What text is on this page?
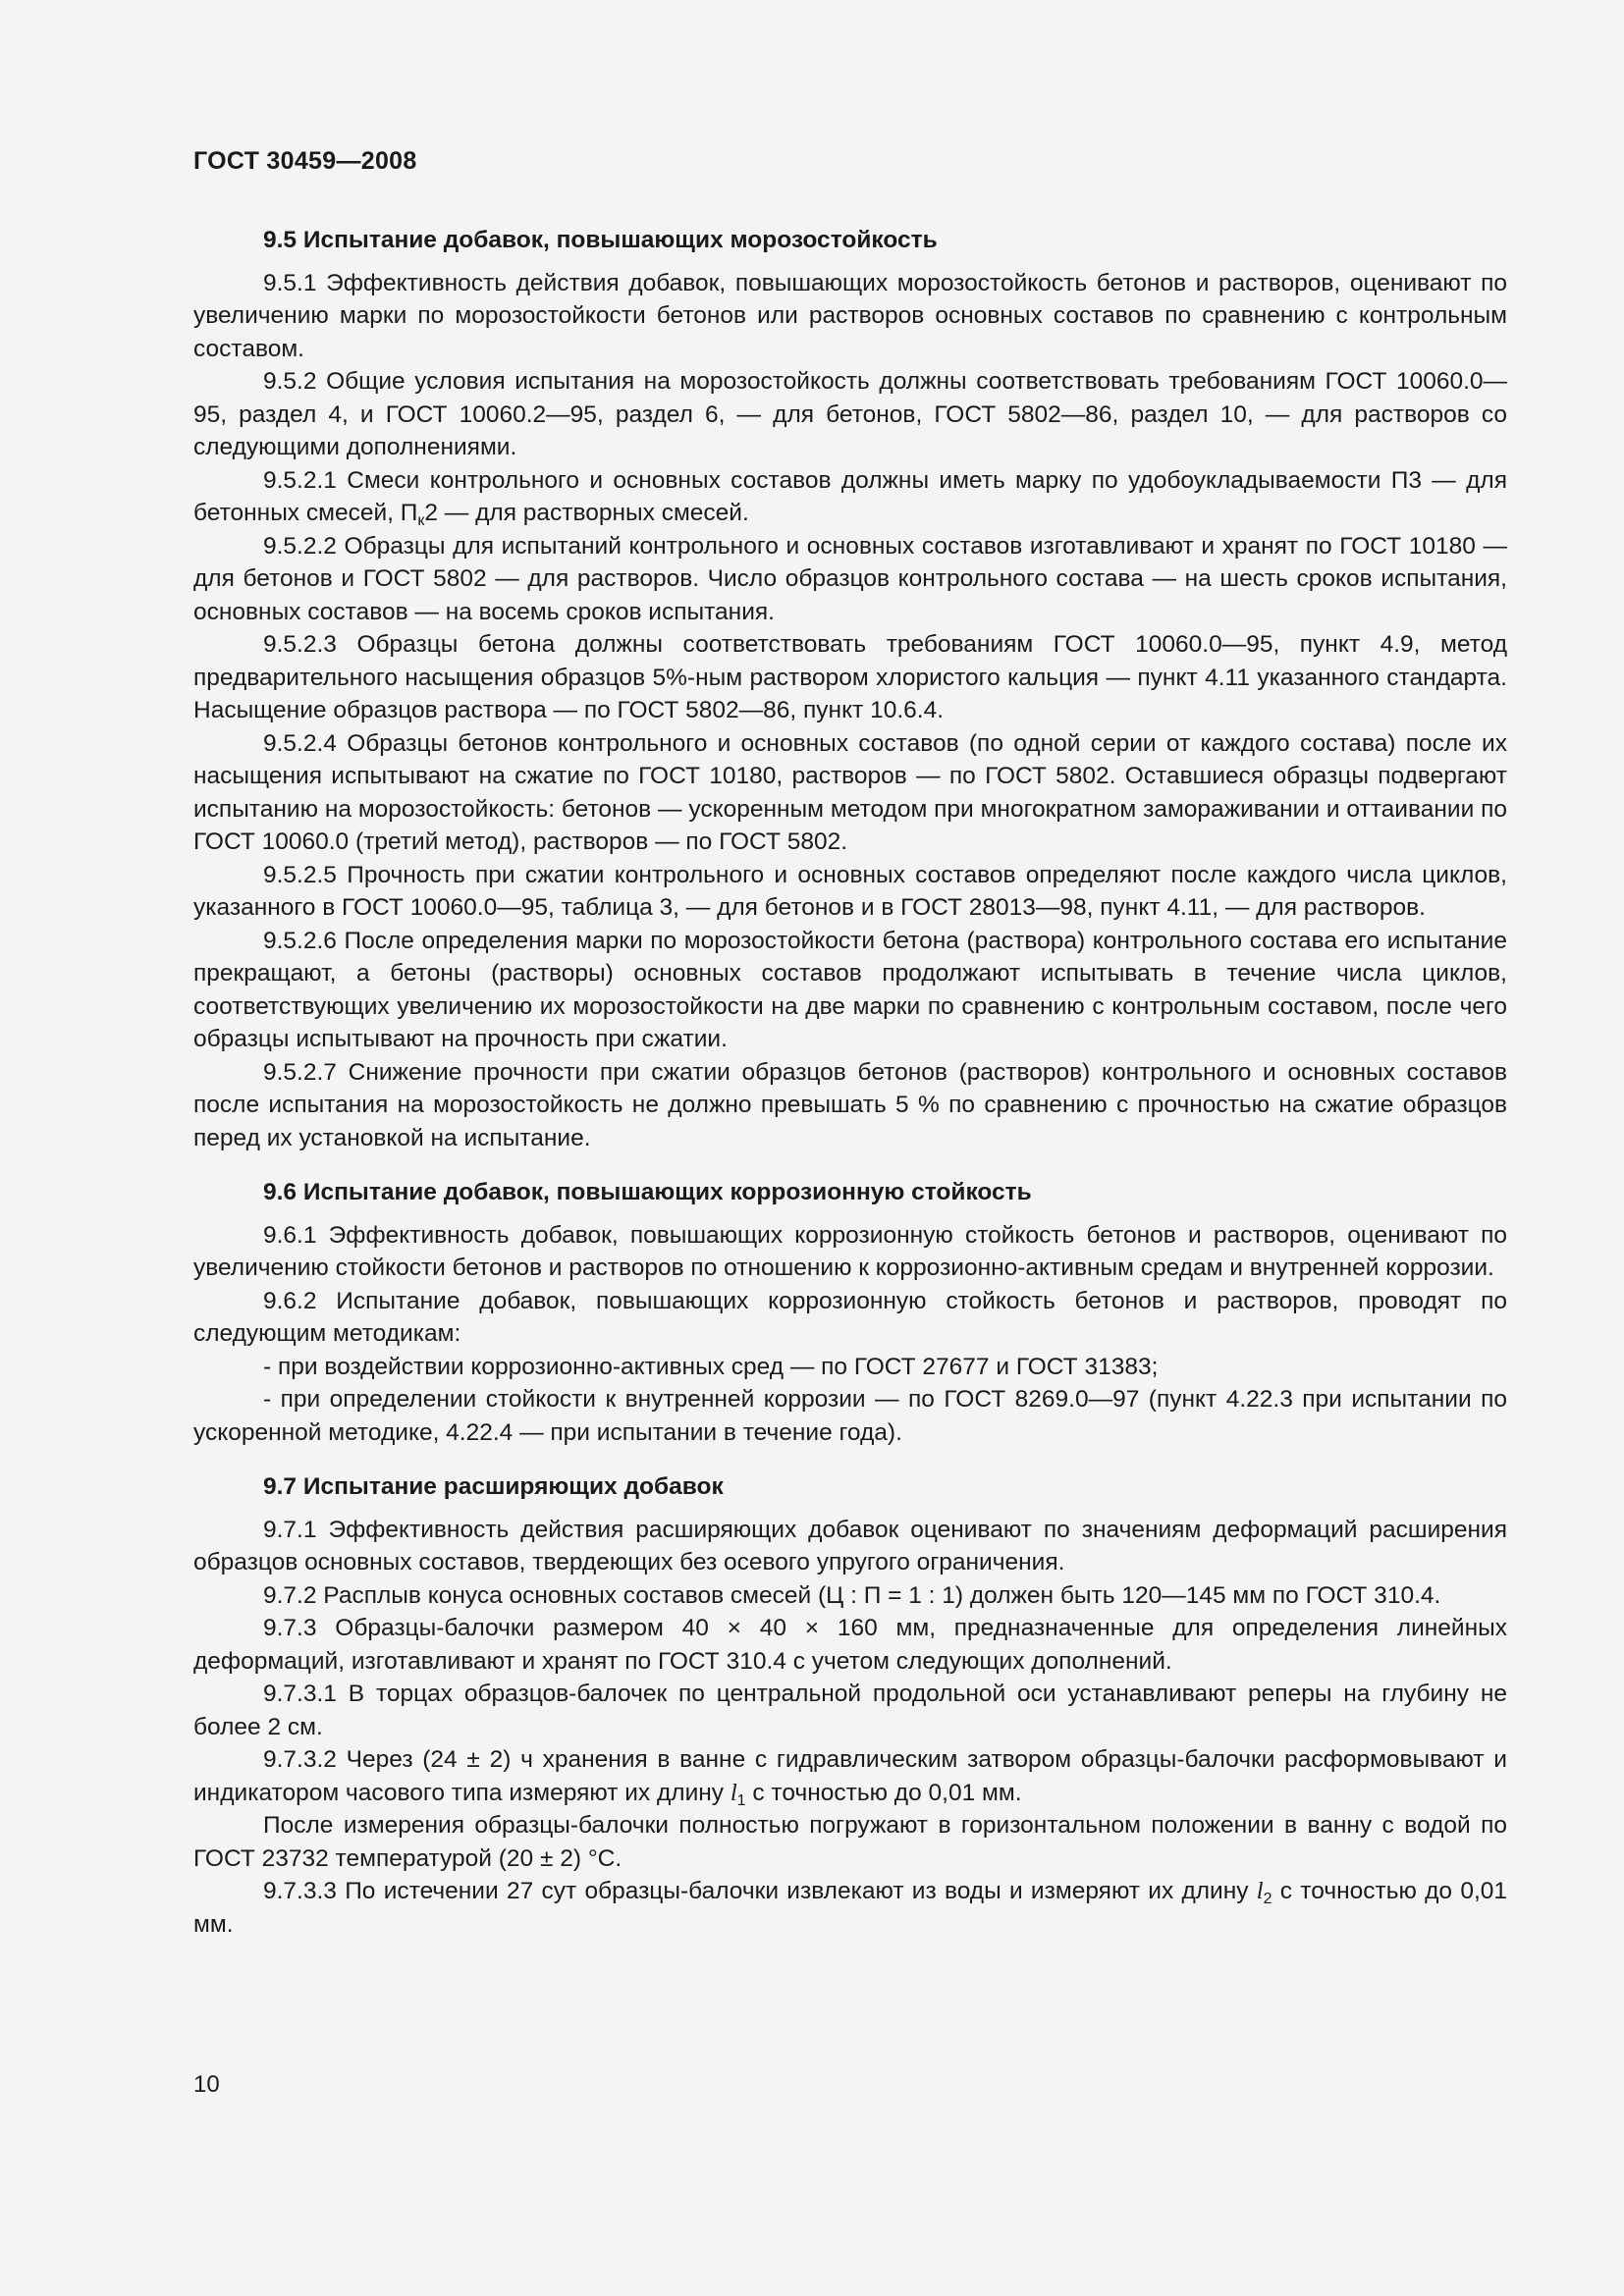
ГОСТ 30459—2008
9.5 Испытание добавок, повышающих морозостойкость

9.5.1 Эффективность действия добавок, повышающих морозостойкость бетонов и растворов, оценивают по увеличению марки по морозостойкости бетонов или растворов основных составов по сравнению с контрольным составом.

9.5.2 Общие условия испытания на морозостойкость должны соответствовать требованиям ГОСТ 10060.0—95, раздел 4, и ГОСТ 10060.2—95, раздел 6, — для бетонов, ГОСТ 5802—86, раздел 10, — для растворов со следующими дополнениями.

9.5.2.1 Смеси контрольного и основных составов должны иметь марку по удобоукладываемости П3 — для бетонных смесей, $П_к2$ — для растворных смесей.

9.5.2.2 Образцы для испытаний контрольного и основных составов изготавливают и хранят по ГОСТ 10180 — для бетонов и ГОСТ 5802 — для растворов. Число образцов контрольного состава — на шесть сроков испытания, основных составов — на восемь сроков испытания.

9.5.2.3 Образцы бетона должны соответствовать требованиям ГОСТ 10060.0—95, пункт 4.9, метод предварительного насыщения образцов 5%-ным раствором хлористого кальция — пункт 4.11 указанного стандарта. Насыщение образцов раствора — по ГОСТ 5802—86, пункт 10.6.4.

9.5.2.4 Образцы бетонов контрольного и основных составов (по одной серии от каждого состава) после их насыщения испытывают на сжатие по ГОСТ 10180, растворов — по ГОСТ 5802. Оставшиеся образцы подвергают испытанию на морозостойкость: бетонов — ускоренным методом при многократном замораживании и оттаивании по ГОСТ 10060.0 (третий метод), растворов — по ГОСТ 5802.

9.5.2.5 Прочность при сжатии контрольного и основных составов определяют после каждого числа циклов, указанного в ГОСТ 10060.0—95, таблица 3, — для бетонов и в ГОСТ 28013—98, пункт 4.11, — для растворов.

9.5.2.6 После определения марки по морозостойкости бетона (раствора) контрольного состава его испытание прекращают, а бетоны (растворы) основных составов продолжают испытывать в течение числа циклов, соответствующих увеличению их морозостойкости на две марки по сравнению с контрольным составом, после чего образцы испытывают на прочность при сжатии.

9.5.2.7 Снижение прочности при сжатии образцов бетонов (растворов) контрольного и основных составов после испытания на морозостойкость не должно превышать 5 % по сравнению с прочностью на сжатие образцов перед их установкой на испытание.

9.6 Испытание добавок, повышающих коррозионную стойкость

9.6.1 Эффективность добавок, повышающих коррозионную стойкость бетонов и растворов, оценивают по увеличению стойкости бетонов и растворов по отношению к коррозионно-активным средам и внутренней коррозии.

9.6.2 Испытание добавок, повышающих коррозионную стойкость бетонов и растворов, проводят по следующим методикам:

- при воздействии коррозионно-активных сред — по ГОСТ 27677 и ГОСТ 31383;

- при определении стойкости к внутренней коррозии — по ГОСТ 8269.0—97 (пункт 4.22.3 при испытании по ускоренной методике, 4.22.4 — при испытании в течение года).

9.7 Испытание расширяющих добавок

9.7.1 Эффективность действия расширяющих добавок оценивают по значениям деформаций расширения образцов основных составов, твердеющих без осевого упругого ограничения.

9.7.2 Расплыв конуса основных составов смесей (Ц : П = 1 : 1) должен быть 120—145 мм по ГОСТ 310.4.

9.7.3 Образцы-балочки размером 40 × 40 × 160 мм, предназначенные для определения линейных деформаций, изготавливают и хранят по ГОСТ 310.4 с учетом следующих дополнений.

9.7.3.1 В торцах образцов-балочек по центральной продольной оси устанавливают реперы на глубину не более 2 см.

9.7.3.2 Через (24 ± 2) ч хранения в ванне с гидравлическим затвором образцы-балочки расформовывают и индикатором часового типа измеряют их длину $l_1$ с точностью до 0,01 мм.

После измерения образцы-балочки полностью погружают в горизонтальном положении в ванну с водой по ГОСТ 23732 температурой (20 ± 2) °С.

9.7.3.3 По истечении 27 сут образцы-балочки извлекают из воды и измеряют их длину $l_2$ с точностью до 0,01 мм.

10
